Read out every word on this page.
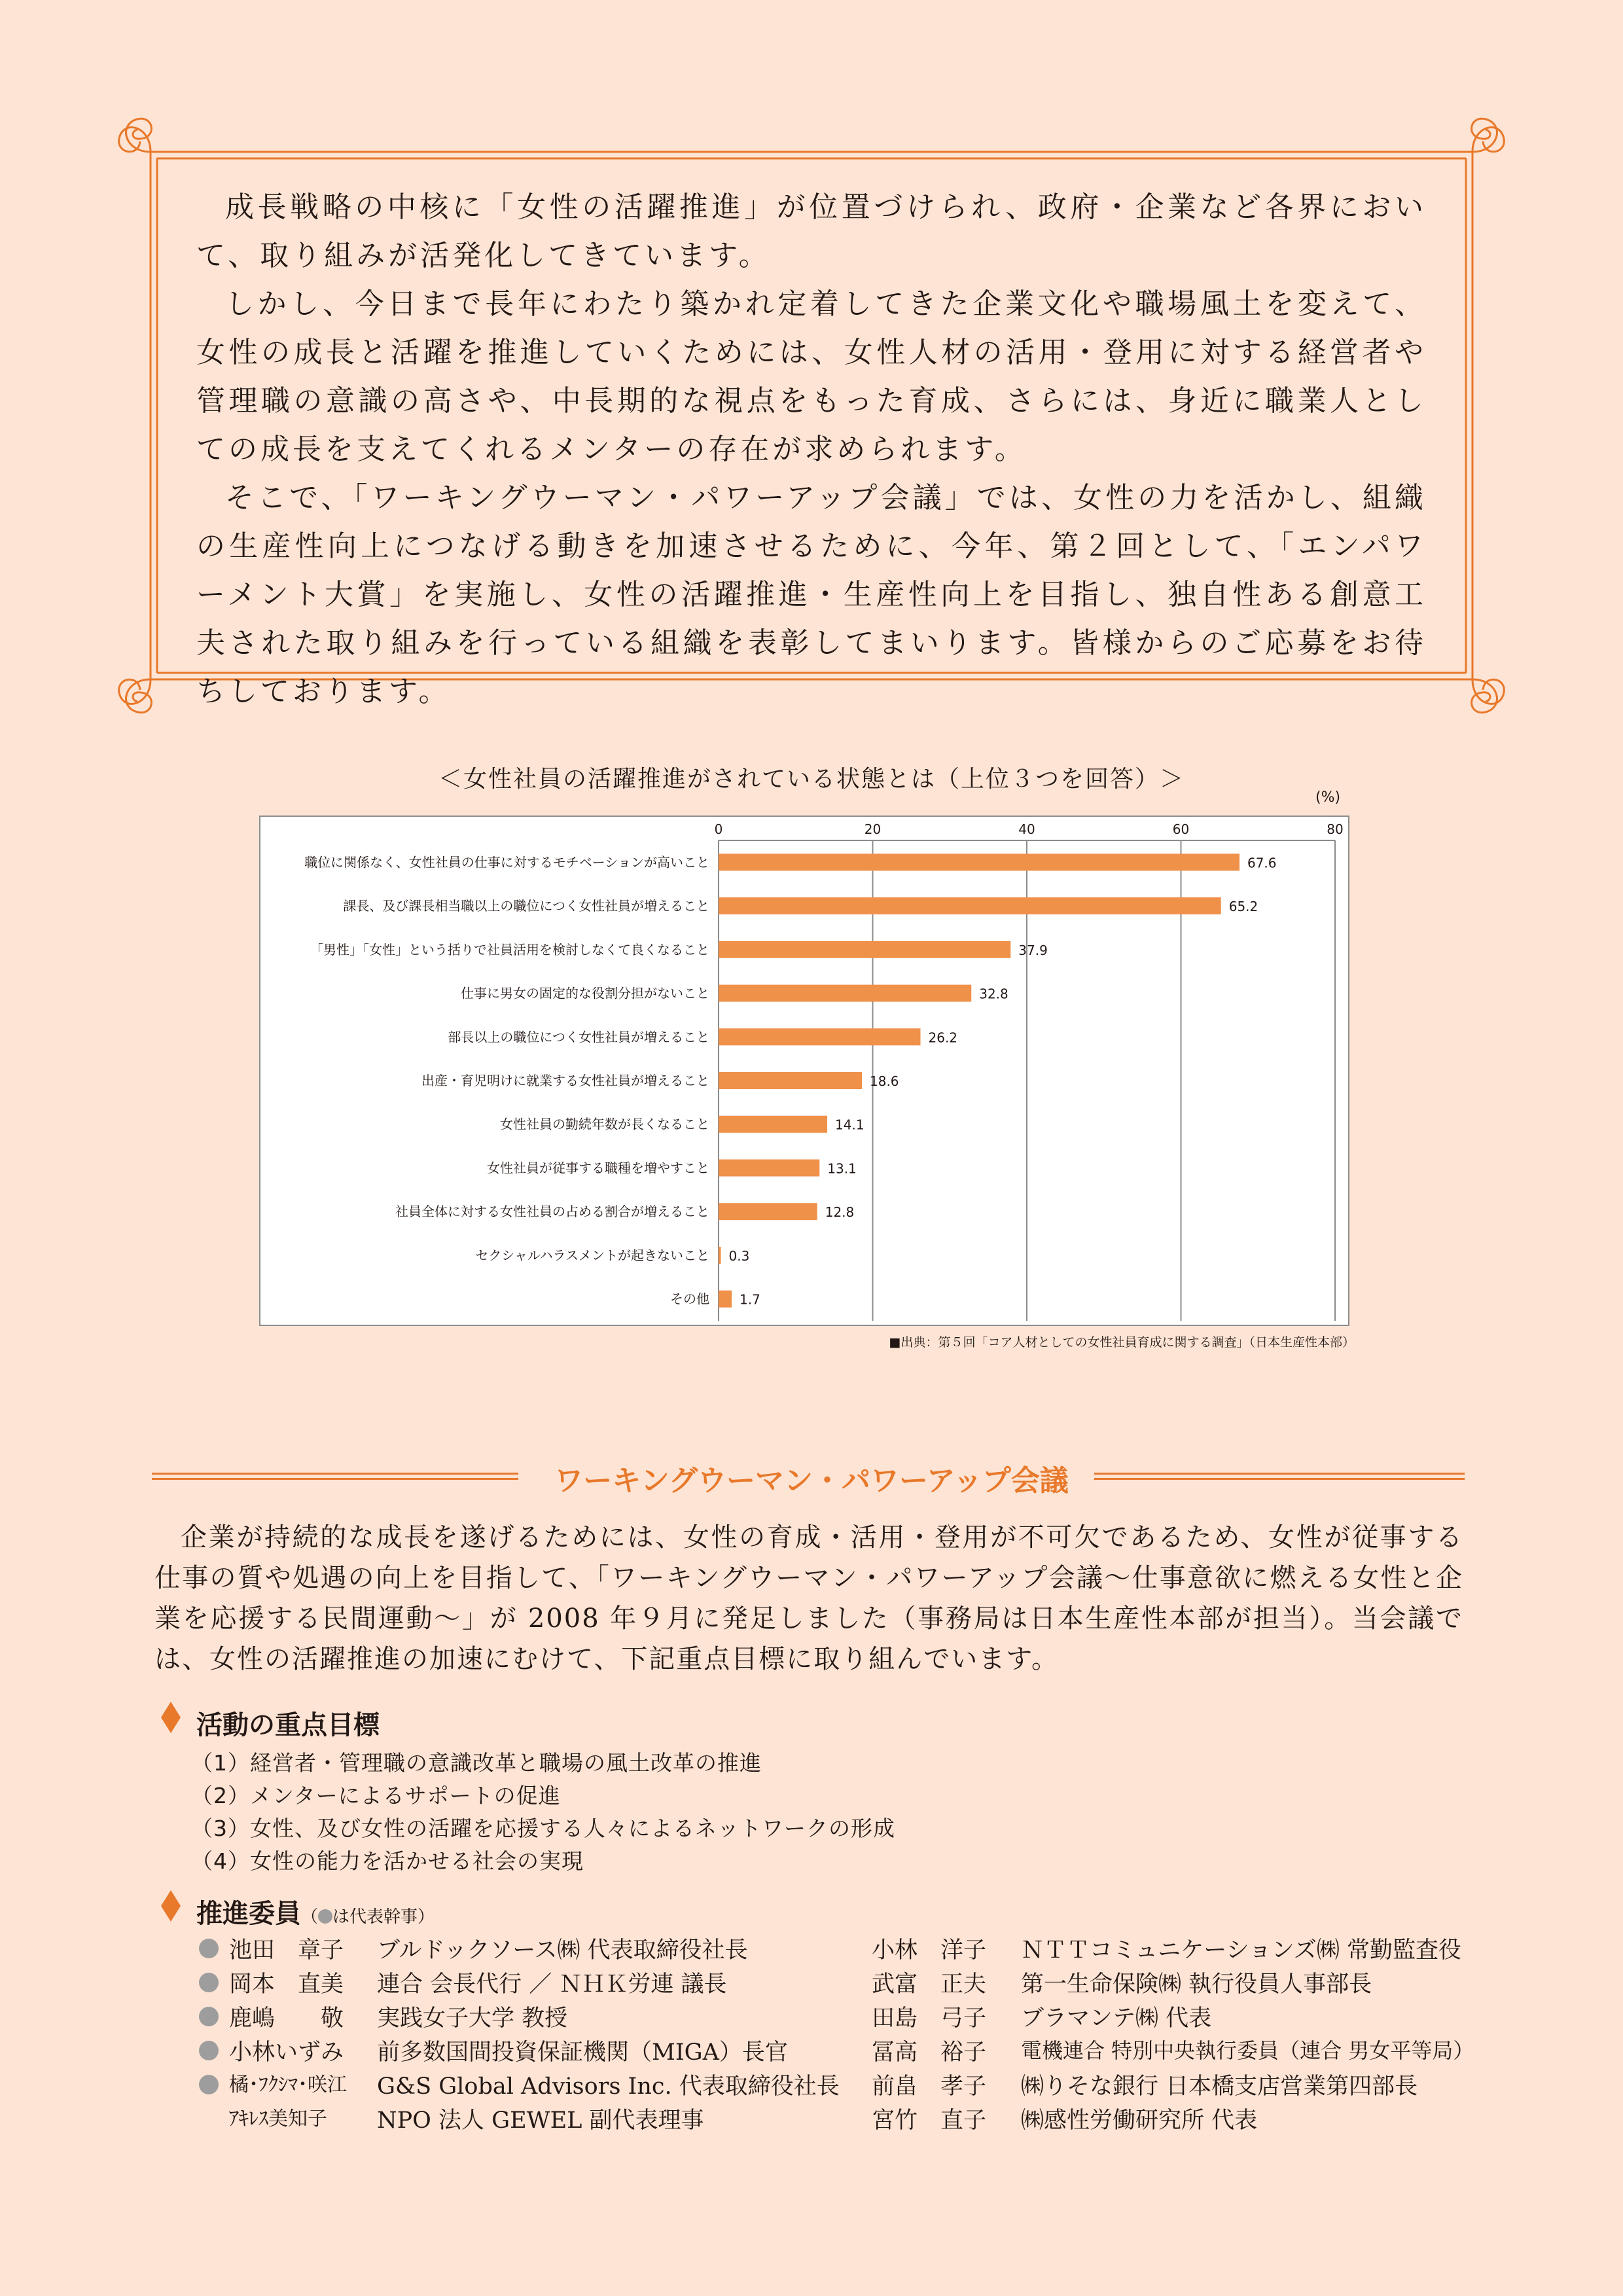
成長戦略の中核に「女性の活躍推進」が位置づけられ、政府・企業など各界において、取り組みが活発化してきています。

しかし、今日まで長年にわたり築かれ定着してきた企業文化や職場風土を変えて、女性の成長と活躍を推進していくためには、女性人材の活用・登用に対する経営者や管理職の意識の高さや、中長期的な視点をもった育成、さらには、身近に職業人としての成長を支えてくれるメンターの存在が求められます。

そこで、「ワーキングウーマン・パワーアップ会議」では、女性の力を活かし、組織の生産性向上につなげる動きを加速させるために、今年、第２回として、「エンパワーメント大賞」を実施し、女性の活躍推進・生産性向上を目指し、独自性ある創意工夫された取り組みを行っている組織を表彰してまいります。皆様からのご応募をお待ちしております。

＜女性社員の活躍推進がされている状態とは（上位３つを回答）＞
(%)
0	20	40	60	80
職位に関係なく、女性社員の仕事に対するモチベーションが高いこと	67.6
課長、及び課長相当職以上の職位につく女性社員が増えること	65.2
「男性」「女性」という括りで社員活用を検討しなくて良くなること	37.9
仕事に男女の固定的な役割分担がないこと	32.8
部長以上の職位につく女性社員が増えること	26.2
出産・育児明けに就業する女性社員が増えること	18.6
女性社員の勤続年数が長くなること	14.1
女性社員が従事する職種を増やすこと	13.1
社員全体に対する女性社員の占める割合が増えること	12.8
セクシャルハラスメントが起きないこと 0.3
その他 1.7
■出典：第５回「コア人材としての女性社員育成に関する調査」（日本生産性本部）
ワーキングウーマン・パワーアップ会議

企業が持続的な成長を遂げるためには、女性の育成・活用・登用が不可欠であるため、女性が従事する仕事の質や処遇の向上を目指して、「ワーキングウーマン・パワーアップ会議～仕事意欲に燃える女性と企業を応援する民間運動～」が 2008 年９月に発足しました（事務局は日本生産性本部が担当）。当会議では、女性の活躍推進の加速にむけて、下記重点目標に取り組んでいます。

活動の重点目標
（1）経営者・管理職の意識改革と職場の風土改革の推進
（2）メンターによるサポートの促進
（3）女性、及び女性の活躍を応援する人々によるネットワークの形成
（4）女性の能力を活かせる社会の実現
推進委員（ は代表幹事）
池田　章子 ブルドックソース㈱ 代表取締役社長
岡本　直美 連合 会長代行 ／ ＮＨＫ労連 議長
鹿嶋　　敬 実践女子大学 教授
小林いずみ 前多数国間投資保証機関（MIGA）長官
橘･ﾌｸｼﾏ･咲江 G&S Global Advisors Inc. 代表取締役社長
ｱｷﾚｽ美知子 NPO 法人 GEWEL 副代表理事
小林　洋子 ＮＴＴコミュニケーションズ㈱ 常勤監査役
武富　正夫 第一生命保険㈱ 執行役員人事部長
田島　弓子 ブラマンテ㈱ 代表
冨高　裕子 電機連合 特別中央執行委員（連合 男女平等局）
前畠　孝子 ㈱りそな銀行 日本橋支店営業第四部長
宮竹　直子 ㈱感性労働研究所 代表
